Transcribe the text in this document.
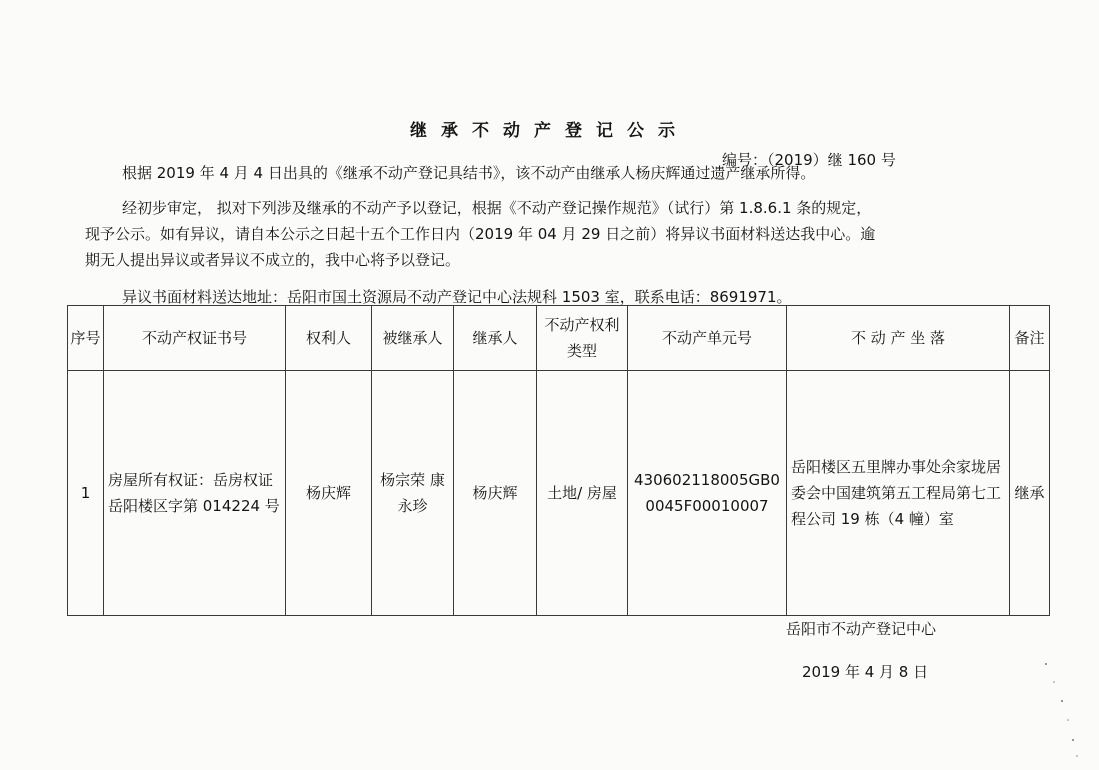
继承不动产登记公示
编号：（2019）继 160 号
根据 2019 年 4 月 4 日出具的《继承不动产登记具结书》，该不动产由继承人杨庆辉通过遗产继承所得。
经初步审定， 拟对下列涉及继承的不动产予以登记，根据《不动产登记操作规范》（试行）第 1.8.6.1 条的规定，
现予公示。如有异议，请自本公示之日起十五个工作日内（2019 年 04 月 29 日之前）将异议书面材料送达我中心。逾
期无人提出异议或者异议不成立的，我中心将予以登记。
异议书面材料送达地址：岳阳市国土资源局不动产登记中心法规科 1503 室，联系电话：8691971。
序号	不动产权证书号	权利人	被继承人	继承人	不动产权利类型	不动产单元号	不 动 产 坐 落	备注
1	房屋所有权证：岳房权证岳阳楼区字第 014224 号	杨庆辉	杨宗荣 康永珍	杨庆辉	土地/ 房屋	430602118005GB0 0045F00010007	岳阳楼区五里牌办事处余家垅居委会中国建筑第五工程局第七工程公司 19 栋（4 幢）室	继承
岳阳市不动产登记中心
2019 年 4 月 8 日
